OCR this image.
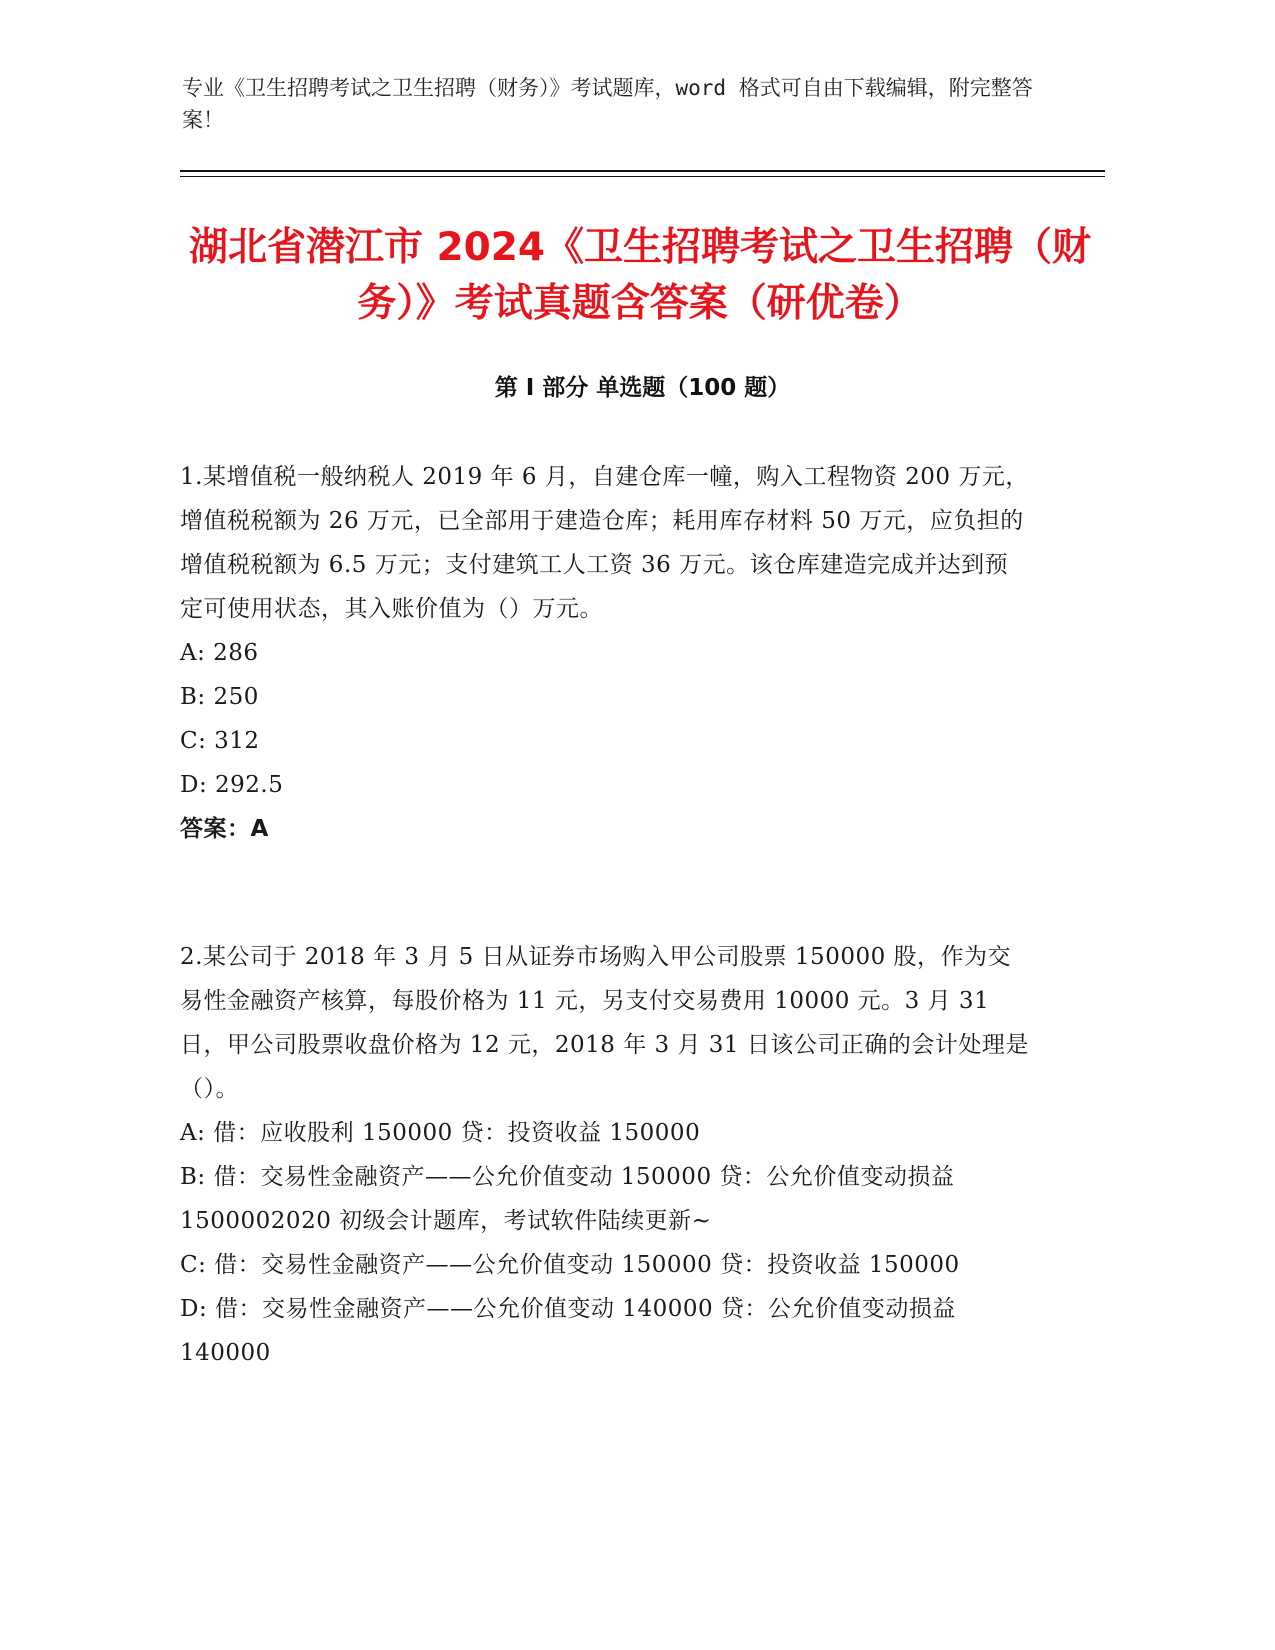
专业《卫生招聘考试之卫生招聘（财务）》考试题库，word 格式可自由下载编辑，附完整答案！
湖北省潜江市 2024《卫生招聘考试之卫生招聘（财务）》考试真题含答案（研优卷）
第 I 部分 单选题（100 题）

1.某增值税一般纳税人 2019 年 6 月，自建仓库一幢，购入工程物资 200 万元，增值税税额为 26 万元，已全部用于建造仓库；耗用库存材料 50 万元，应负担的增值税税额为 6.5 万元；支付建筑工人工资 36 万元。该仓库建造完成并达到预定可使用状态，其入账价值为（）万元。

A: 286

B: 250

C: 312

D: 292.5

答案：A

2.某公司于 2018 年 3 月 5 日从证券市场购入甲公司股票 150000 股，作为交易性金融资产核算，每股价格为 11 元，另支付交易费用 10000 元。3 月 31 日，甲公司股票收盘价格为 12 元，2018 年 3 月 31 日该公司正确的会计处理是（）。

A: 借：应收股利 150000 贷：投资收益 150000

B: 借：交易性金融资产——公允价值变动 150000 贷：公允价值变动损益 1500002020 初级会计题库，考试软件陆续更新~

C: 借：交易性金融资产——公允价值变动 150000 贷：投资收益 150000

D: 借：交易性金融资产——公允价值变动 140000 贷：公允价值变动损益 140000
